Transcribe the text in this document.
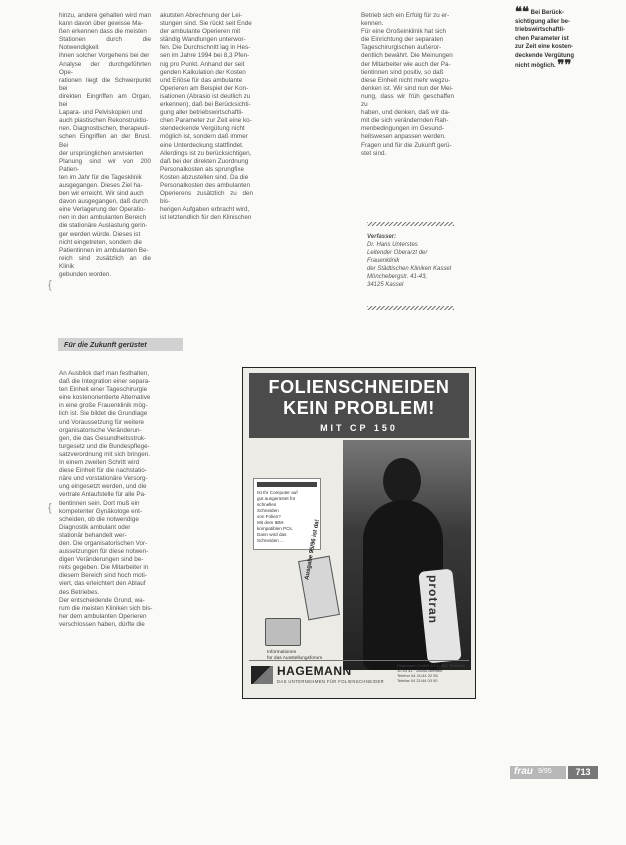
hinzu, andere gehalten wird man kann davon über gewisse Ma-
ßen erkennen dass die meisten
Stationen durch die Notwendigkeit
ihnen solcher Vorgehens bei der
Analyse der durchgeführten Ope-
rationen liegt die Schwerpunkt bei
direkten Eingriffen am Organ, bei
Lapara- und Pelviskopien und
auch plastischen Rekonstruktio-
nen. Diagnostischen, therapeuti-
schen Eingriffen an der Brust. Bei
der ursprünglichen anvisierten
Planung sind wir von 200 Patien-
ten im Jahr für die Tagesklinik
ausgegangen. Dieses Ziel ha-
ben wir erreicht. Wir sind auch
davon ausgegangen, daß durch
eine Verlagerung der Operatio-
nen in den ambulanten Bereich
die stationäre Auslastung gerin-
ger werden würde. Dieses ist
nicht eingetreten, sondern die
Patientinnen im ambulanten Be-
reich sind zusätzlich an die Klinik
gebunden worden.
akutsten Abrechnung der Lei-
stungen sind. Sie rückt seit Ende
der ambulante Operieren mit
ständig Wandlungen unterwor-
fen. Die Durchschnitt lag in Hes-
sen im Jahre 1994 bei 8,3 Pfen-
nig pro Punkt. Anhand der seit
genden Kalkulation der Kosten
und Erlöse für das ambulante
Operieren am Beispiel der Kon-
isationen (Abrasio ist deutlich zu
erkennen), daß bei Berücksichti-
gung aller betriebswirtschaftli-
chen Parameter zur Zeit eine ko-
stendeckende Vergütung nicht
möglich ist, sondern daß immer
eine Unterdeckung stattfindet.
Allerdings ist zu berücksichtigen,
daß bei der direkten Zuordnung
Personalkosten als sprungfixe
Kosten abzustellen sind. Da die
Personalkosten des ambulanten
Operierens zusätzlich zu den bis-
herigen Aufgaben erbracht wird,
ist letztendlich für den Klinischen
Betrieb sich ein Erfolg für zu er-
kennen.
Für eine Großeinklinik hat sich
die Einrichtung der separaten
Tageschirurgischen außeror-
dentlich bewährt. Die Meinungen
der Mitarbeiter wie auch der Pa-
tientinnen sind positiv, so daß
diese Einheit nicht mehr wegzu-
denken ist. Wir sind nun der Mei-
nung, dass wir früh geschaffen zu
haben, und denken, daß wir da-
mit die sich verändernden Rah-
menbedingungen im Gesund-
heitswesen anpassen werden.
Fragen und für die Zukunft gerü-
stet sind.
❝❝ Bei Berück-
sichtigung aller be-
triebswirtschaftli-
chen Parameter ist
zur Zeit eine kosten-
deckende Vergütung
nicht möglich. ❞❞
Verfasser:
Dr. Hans Unterstes
Leitender Oberarzt der Frauenklinik
der Städtischen Kliniken Kassel
Mönchebergstr. 41-43,
34125 Kassel
Für die Zukunft gerüstet
{
{
An Ausblick darf man festhalten,
daß die Integration einer separa-
ten Einheit einer Tageschirurgie
eine kostenorientierte Alternative
in eine große Frauenklinik mög-
lich ist. Sie bildet die Grundlage
und Voraussetzung für weitere
organisatorische Veränderun-
gen, die das Gesundheitsstruk-
turgesetz und die Bundespflege-
satzverordnung mit sich bringen.
In einem zweiten Schritt wird
diese Einheit für die nachstatio-
näre und vorstationäre Versorg-
ung eingesetzt werden, und die
vertrale Anlaufstelle für alle Pa-
tientinnen sein. Dort muß ein
kompetenter Gynäkologe ent-
scheiden, ob die notwendige
Diagnostik ambulant oder
stationär behandelt wer-
den. Die organisatorischen Vor-
aussetzungen für diese notwen-
digen Veränderungen sind be-
reits gegeben. Die Mitarbeiter in
diesem Bereich sind hoch moti-
viert, das erleichtert den Ablauf
des Betriebes.
Der entscheidende Grund, wa-
rum die meisten Kliniken sich bis-
her dem ambulanten Operieren
verschlossen haben, dürfte die
FOLIENSCHNEIDEN
KEIN PROBLEM!
MIT CP 150
protran
Ist Ihr Computer auf
gut ausgerüstet für
schnelles
Schneiden
von Folien?
Mit dem IBM-
kompatiblen PCs.
Dann wird das
Schneiden ...	Ausgabe 95/96 ist da!
Informationen
für das Ausstellungsforum
HAGEMANN
DAS UNTERNEHMEN FÜR FOLIENSCHNEIDER
Hagemann GmbH & Co. KG, Postfach 10 44 51 · 28044 Bremen
Telefon 04 21/44 22 55
Telefax 04 21/44 03 00
frau 9/95	713
